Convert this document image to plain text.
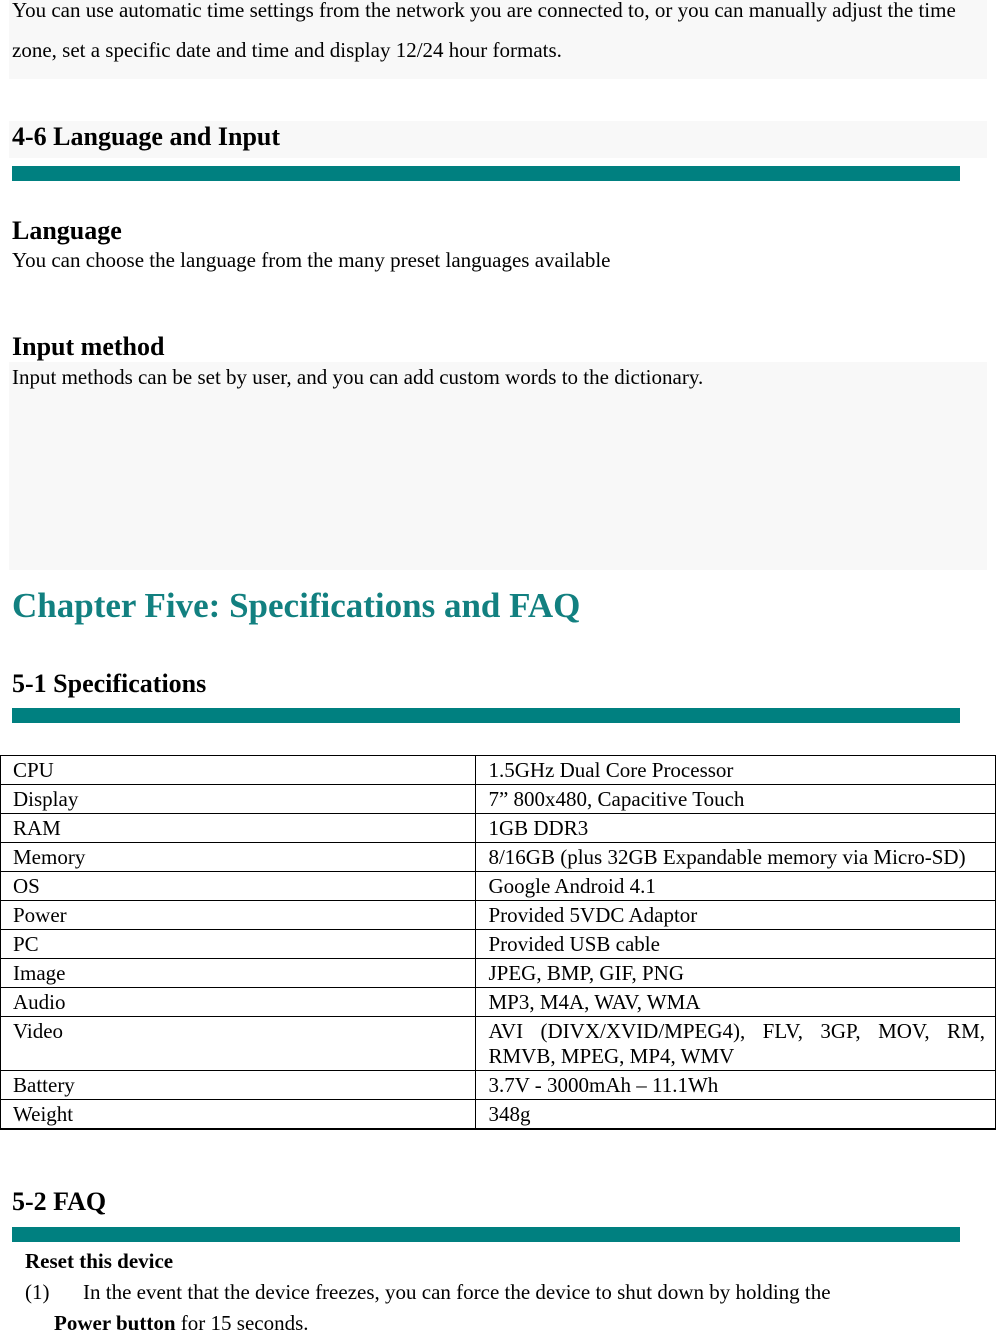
You can use automatic time settings from the network you are connected to, or you can manually adjust the time zone, set a specific date and time and display 12/24 hour formats.

4-6 Language and Input
Language

You can choose the language from the many preset languages available

Input method

Input methods can be set by user, and you can add custom words to the dictionary.

Chapter Five: Specifications and FAQ
5-1 Specifications
CPU	1.5GHz Dual Core Processor
Display	7” 800x480, Capacitive Touch
RAM	1GB DDR3
Memory	8/16GB (plus 32GB Expandable memory via Micro-SD)
OS	Google Android 4.1
Power	Provided 5VDC Adaptor
PC	Provided USB cable
Image	JPEG, BMP, GIF, PNG
Audio	MP3, M4A, WAV, WMA
Video	AVI (DIVX/XVID/MPEG4), FLV, 3GP, MOV, RM, RMVB, MPEG, MP4, WMV
Battery	3.7V - 3000mAh – 11.1Wh
Weight	348g
5-2 FAQ
Reset this device
(1) In the event that the device freezes, you can force the device to shut down by holding the
Power button for 15 seconds.
